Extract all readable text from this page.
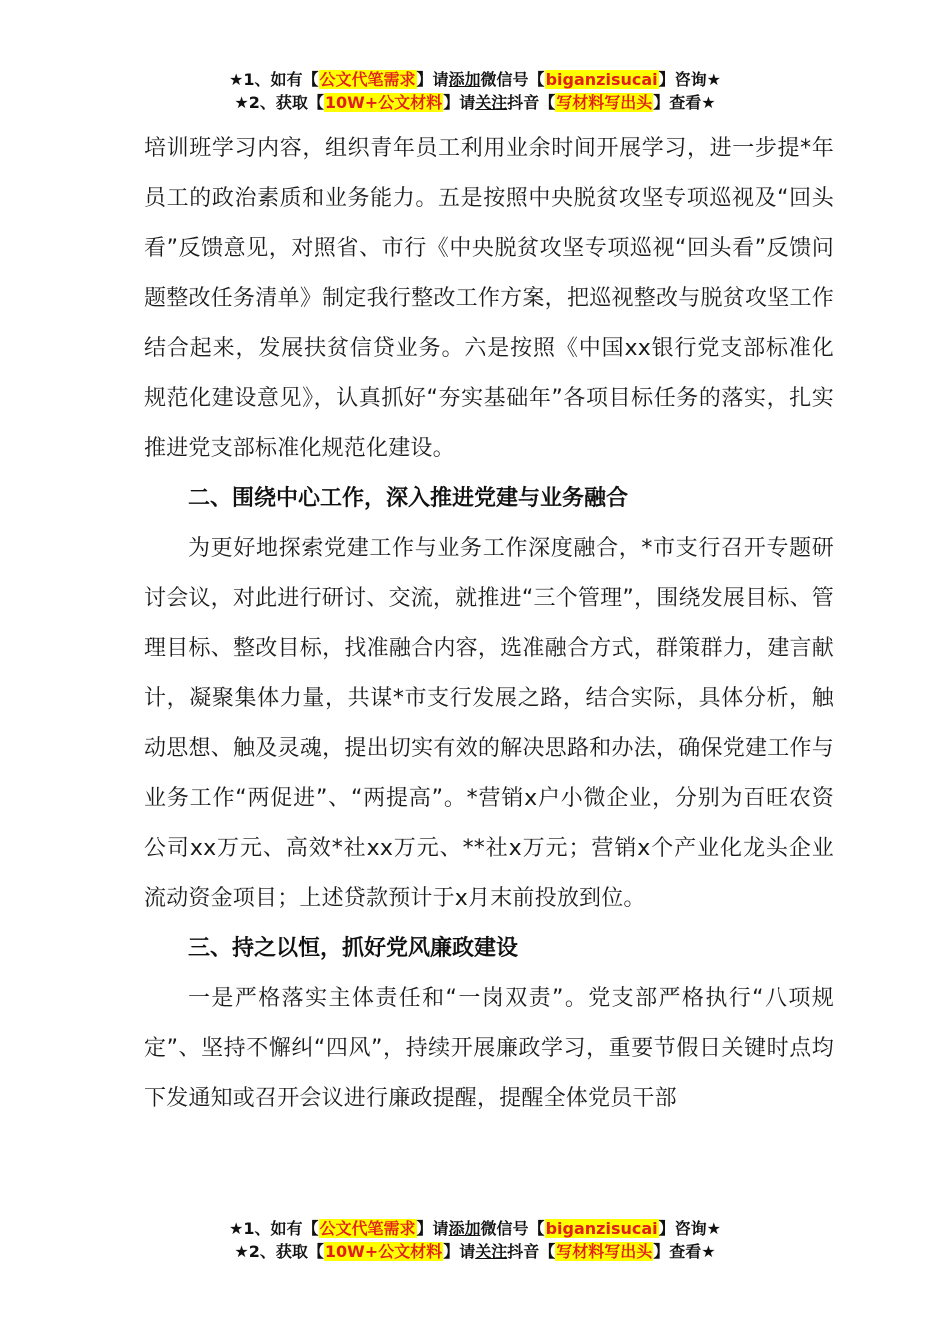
★1、如有【公文代笔需求】请添加微信号【biganzisucai】咨询★
★2、获取【10W+公文材料】请关注抖音【写材料写出头】查看★

培训班学习内容，组织青年员工利用业余时间开展学习，进一步提*年员工的政治素质和业务能力。五是按照中央脱贫攻坚专项巡视及“回头看”反馈意见，对照省、市行《中央脱贫攻坚专项巡视“回头看”反馈问题整改任务清单》制定我行整改工作方案，把巡视整改与脱贫攻坚工作结合起来，发展扶贫信贷业务。六是按照《中国xx银行党支部标准化规范化建设意见》，认真抓好“夯实基础年”各项目标任务的落实，扎实推进党支部标准化规范化建设。

二、围绕中心工作，深入推进党建与业务融合

为更好地探索党建工作与业务工作深度融合，*市支行召开专题研讨会议，对此进行研讨、交流，就推进“三个管理”，围绕发展目标、管理目标、整改目标，找准融合内容，选准融合方式，群策群力，建言献计，凝聚集体力量，共谋*市支行发展之路，结合实际，具体分析，触动思想、触及灵魂，提出切实有效的解决思路和办法，确保党建工作与业务工作“两促进”、“两提高”。*营销x户小微企业，分别为百旺农资公司xx万元、高效*社xx万元、**社x万元；营销x个产业化龙头企业流动资金项目；上述贷款预计于x月末前投放到位。

三、持之以恒，抓好党风廉政建设

一是严格落实主体责任和“一岗双责”。党支部严格执行“八项规定”、坚持不懈纠“四风”，持续开展廉政学习，重要节假日关键时点均下发通知或召开会议进行廉政提醒，提醒全体党员干部

★1、如有【公文代笔需求】请添加微信号【biganzisucai】咨询★
★2、获取【10W+公文材料】请关注抖音【写材料写出头】查看★
